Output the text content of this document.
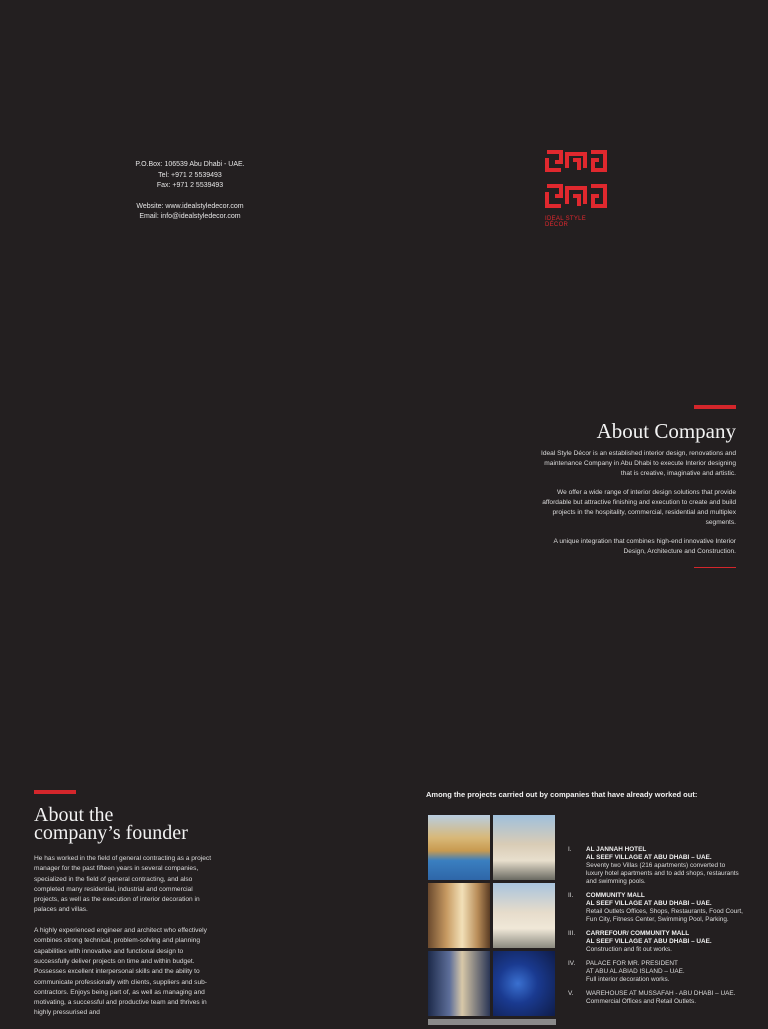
P.O.Box: 106539 Abu Dhabi - UAE.
Tel: +971 2 5539493
Fax: +971 2 5539493
Website: www.idealstyledecor.com
Email: info@idealstyledecor.com	IDEAL STYLE DÉCOR
About Company

Ideal Style Décor is an established interior design, renovations and maintenance Company in Abu Dhabi to execute Interior designing that is creative, imaginative and artistic.

We offer a wide range of interior design solutions that provide affordable but attractive finishing and execution to create and build projects in the hospitality, commercial, residential and multiplex segments.

A unique integration that combines high-end innovative Interior Design, Architecture and Construction.

About the
company’s founder

He has worked in the field of general contracting as a project manager for the past fifteen years in several companies, specialized in the field of general contracting, and also completed many residential, industrial and commercial projects, as well as the execution of interior decoration in palaces and villas.

A highly experienced engineer and architect who effectively combines strong technical, problem-solving and planning capabilities with innovative and functional design to successfully deliver projects on time and within budget. Possesses excellent interpersonal skills and the ability to communicate professionally with clients, suppliers and sub-contractors. Enjoys being part of, as well as managing and motivating, a successful and productive team and thrives in highly pressurised and

Among the projects carried out by companies that have already worked out:
I. AL JANNAH HOTEL
AL SEEF VILLAGE AT ABU DHABI – UAE.
Seventy two Villas (216 apartments) converted to luxury hotel apartments and to add shops, restaurants and swimming pools.
II. COMMUNITY MALL
AL SEEF VILLAGE AT ABU DHABI – UAE.
Retail Outlets Offices, Shops, Restaurants, Food Court, Fun City, Fitness Center, Swimming Pool, Parking.
III. CARREFOUR/ COMMUNITY MALL
AL SEEF VILLAGE AT ABU DHABI – UAE.
Construction and fit out works.
IV. PALACE FOR MR. PRESIDENT
AT ABU AL ABIAD ISLAND – UAE.
Full interior decoration works.
V. WAREHOUSE AT MUSSAFAH - ABU DHABI – UAE.
Commercial Offices and Retail Outlets.
